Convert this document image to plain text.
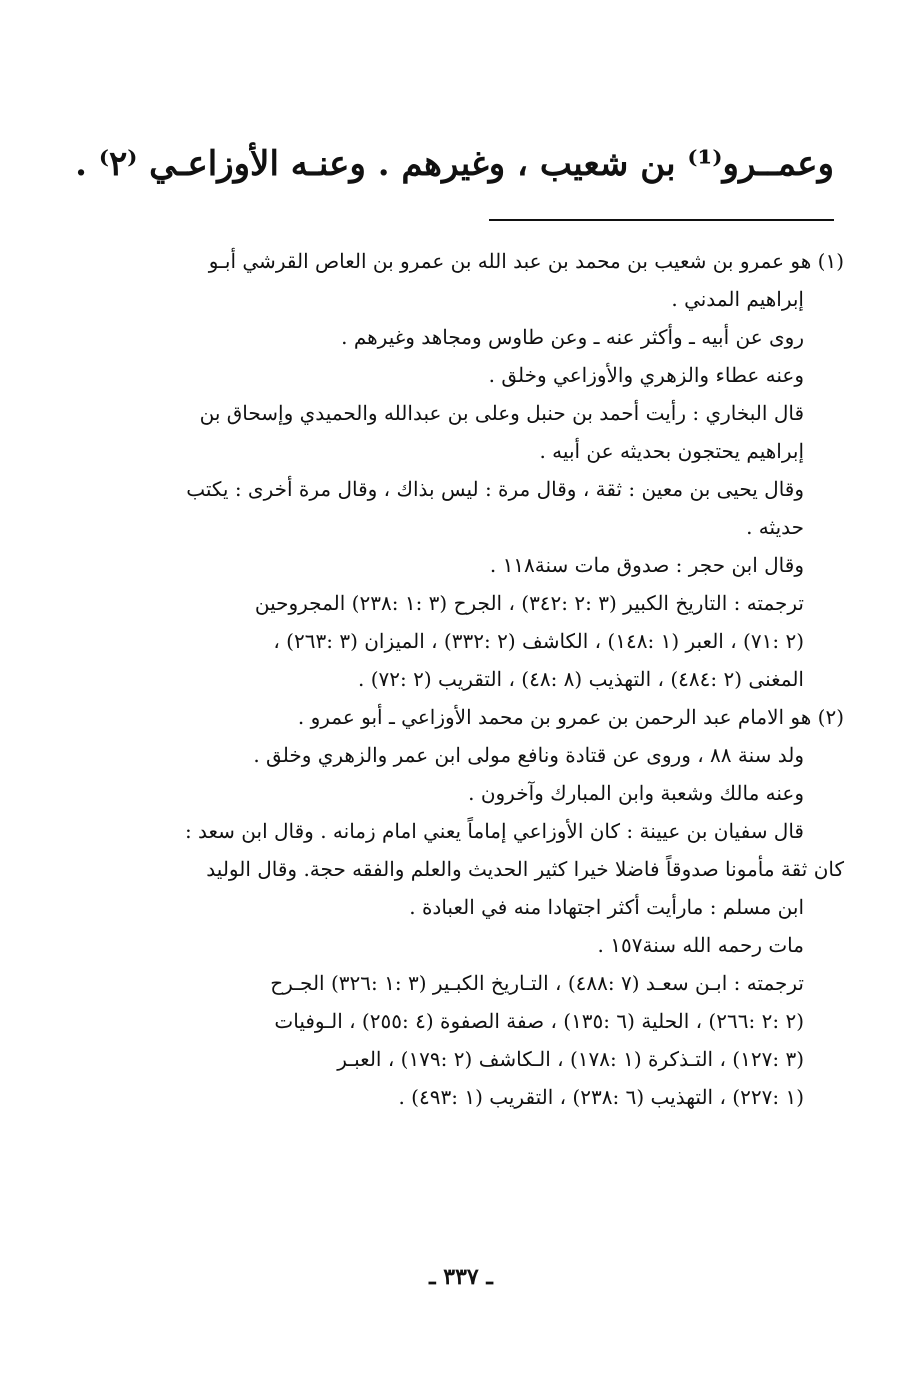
وعمــرو⁽¹⁾ بن شعيب ، وغيرهم . وعنـه الأوزاعـي ⁽٢⁾ .
(١) هو عمرو بن شعيب بن محمد بن عبد الله بن عمرو بن العاص القرشي أبـو
إبراهيم المدني .
روى عن أبيه ـ وأكثر عنه ـ وعن طاوس ومجاهد وغيرهم .
وعنه عطاء والزهري والأوزاعي وخلق .
قال البخاري : رأيت أحمد بن حنبل وعلى بن عبدالله والحميدي وإسحاق بن
إبراهيم يحتجون بحديثه عن أبيه .
وقال يحيى بن معين : ثقة ، وقال مرة : ليس بذاك ، وقال مرة أخرى : يكتب
حديثه .
وقال ابن حجر : صدوق مات سنة١١٨ .
ترجمته : التاريخ الكبير (٣ :٢ :٣٤٢) ، الجرح (٣ :١ :٢٣٨) المجروحين
(٢ :٧١) ، العبر (١ :١٤٨) ، الكاشف (٢ :٣٣٢) ، الميزان (٣ :٢٦٣) ،
المغنى (٢ :٤٨٤) ، التهذيب (٨ :٤٨) ، التقريب (٢ :٧٢) .
(٢) هو الامام عبد الرحمن بن عمرو بن محمد الأوزاعي ـ أبو عمرو .
ولد سنة ٨٨ ، وروى عن قتادة ونافع مولى ابن عمر والزهري وخلق .
وعنه مالك وشعبة وابن المبارك وآخرون .
قال سفيان بن عيينة : كان الأوزاعي إماماً يعني امام زمانه . وقال ابن سعد :
كان ثقة مأمونا صدوقاً فاضلا خيرا كثير الحديث والعلم والفقه حجة. وقال الوليد
ابن مسلم : مارأيت أكثر اجتهادا منه في العبادة .
مات رحمه الله سنة١٥٧ .
ترجمته : ابـن سعـد (٧ :٤٨٨) ، التـاريخ الكبـير (٣ :١ :٣٢٦) الجـرح
(٢ :٢ :٢٦٦) ، الحلية (٦ :١٣٥) ، صفة الصفوة (٤ :٢٥٥) ، الـوفيات
(٣ :١٢٧) ، التـذكرة (١ :١٧٨) ، الـكاشف (٢ :١٧٩) ، العبـر
(١ :٢٢٧) ، التهذيب (٦ :٢٣٨) ، التقريب (١ :٤٩٣) .
ـ ٣٣٧ ـ
